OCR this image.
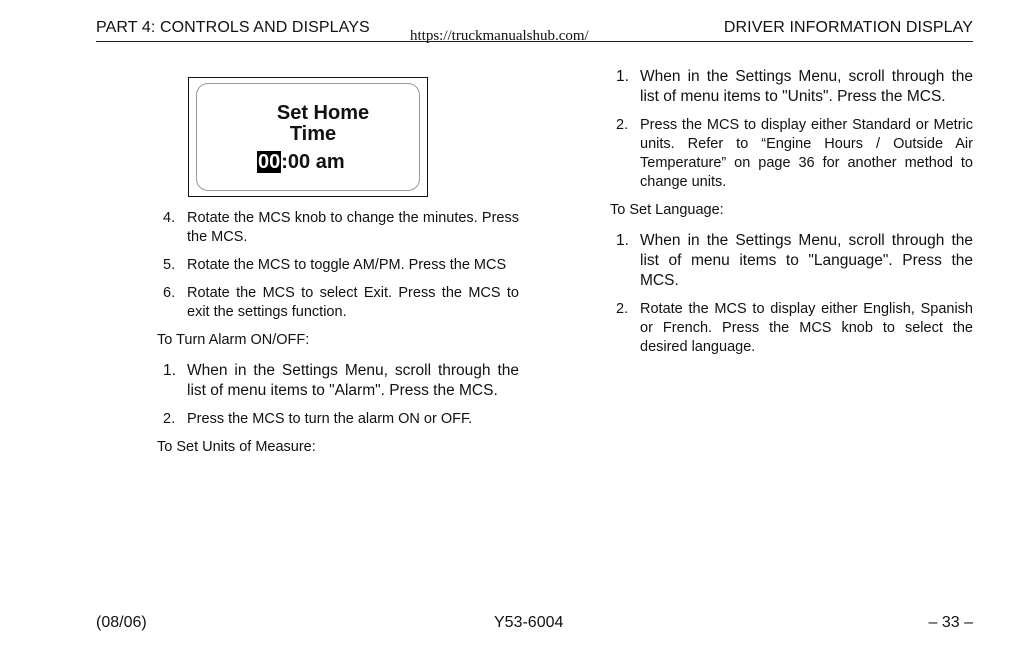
PART 4: CONTROLS AND DISPLAYS	https://truckmanualshub.com/	DRIVER INFORMATION DISPLAY
Set Home
Time
00:00 am
4. Rotate the MCS knob to change the minutes. Press the MCS.
5. Rotate the MCS to toggle AM/PM. Press the MCS
6. Rotate the MCS to select Exit. Press the MCS to exit the settings function.

To Turn Alarm ON/OFF:

1. When in the Settings Menu, scroll through the list of menu items to "Alarm". Press the MCS.
2. Press the MCS to turn the alarm ON or OFF.

To Set Units of Measure:

1. When in the Settings Menu, scroll through the list of menu items to "Units". Press the MCS.
2. Press the MCS to display either Standard or Metric units. Refer to “Engine Hours / Outside Air Temperature” on page 36 for another method to change units.

To Set Language:

1. When in the Settings Menu, scroll through the list of menu items to "Language". Press the MCS.
2. Rotate the MCS to display either English, Spanish or French. Press the MCS knob to select the desired language.
(08/06)	Y53-6004	– 33 –
